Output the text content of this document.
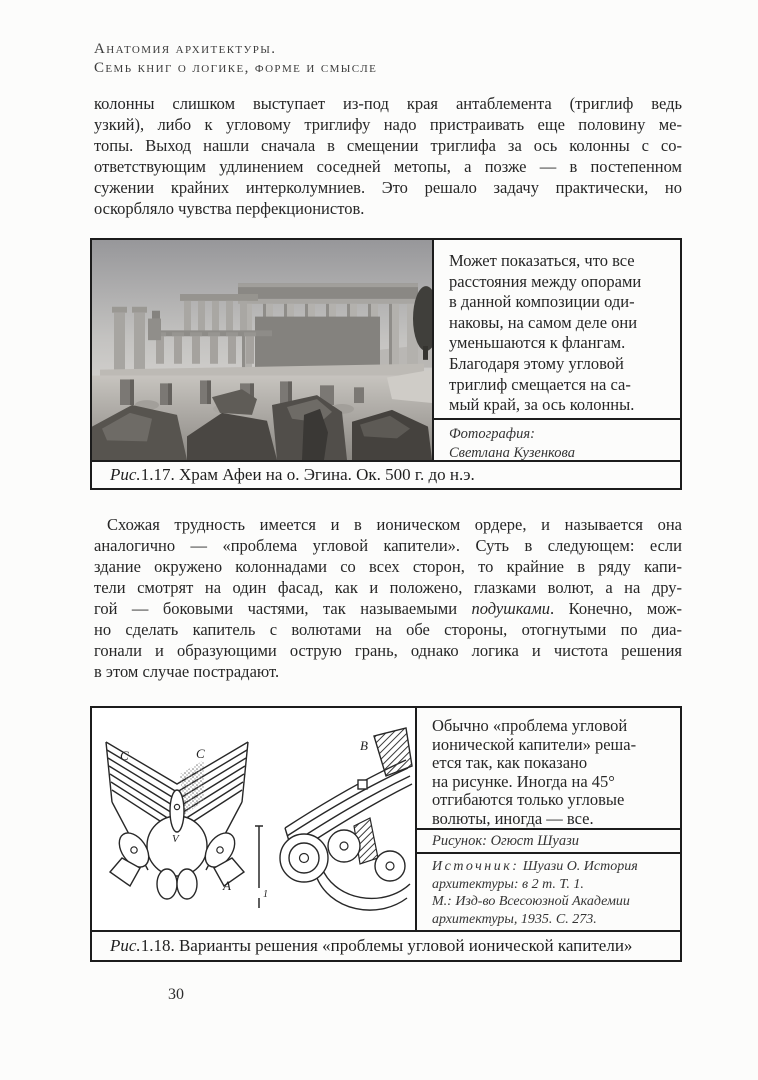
Анатомия архитектуры.
Семь книг о логике, форме и смысле
колонны слишком выступает из-под края антаблемента (триглиф ведь
узкий), либо к угловому триглифу надо пристраивать еще половину ме-
топы. Выход нашли сначала в смещении триглифа за ось колонны с со-
ответствующим удлинением соседней метопы, а позже — в постепенном
сужении крайних интерколумниев. Это решало задачу практически, но
оскорбляло чувства перфекционистов.
Может показаться, что все
расстояния между опорами
в данной композиции оди-
наковы, на самом деле они
уменьшаются к флангам.
Благодаря этому угловой
триглиф смещается на са-
мый край, за ось колонны.
Фотография:
Светлана Кузенкова
Рис. 1.17. Храм Афеи на о. Эгина. Ок. 500 г. до н.э.
Схожая трудность имеется и в ионическом ордере, и называется она
аналогично — «проблема угловой капители». Суть в следующем: если
здание окружено колоннадами со всех сторон, то крайние в ряду капи-
тели смотрят на один фасад, как и положено, глазками волют, а на дру-
гой — боковыми частями, так называемыми подушками. Конечно, мож-
но сделать капитель с волютами на обе стороны, отогнутыми по диа-
гонали и образующими острую грань, однако логика и чистота решения
в этом случае пострадают.
C	C
V
A
B
1
Обычно «проблема угловой
ионической капители» реша-
ется так, как показано
на рисунке. Иногда на 45°
отгибаются только угловые
волюты, иногда — все.
Рисунок: Огюст Шуази
Источник: Шуази О. История
архитектуры: в 2 т. Т. 1.
М.: Изд-во Всесоюзной Академии
архитектуры, 1935. С. 273.
Рис. 1.18. Варианты решения «проблемы угловой ионической капители»
30
